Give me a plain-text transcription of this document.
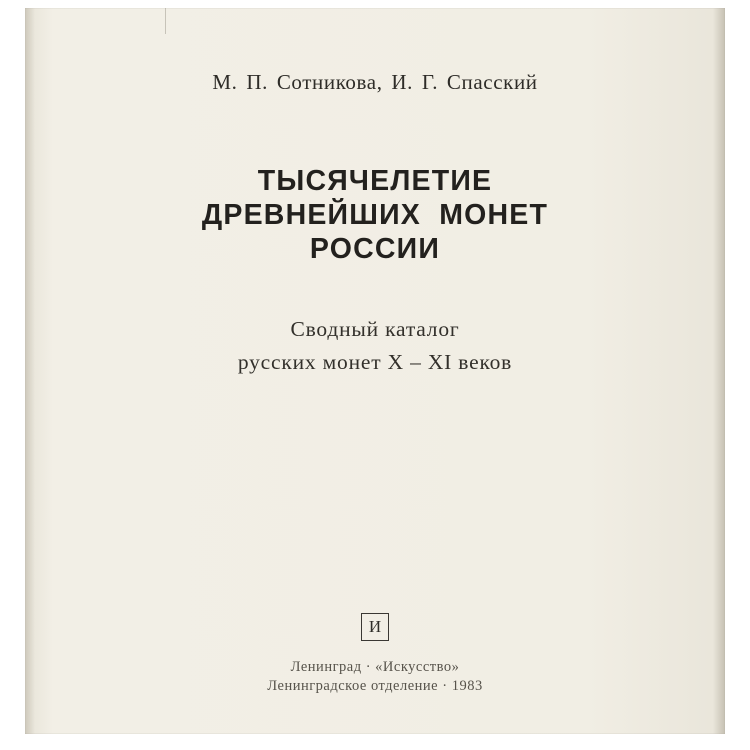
М. П. Сотникова, И. Г. Спасский
ТЫСЯЧЕЛЕТИЕ
ДРЕВНЕЙШИХ  МОНЕТ
РОССИИ
Сводный каталог
русских монет X – XI веков
И
Ленинград · «Искусство»
Ленинградское отделение · 1983
